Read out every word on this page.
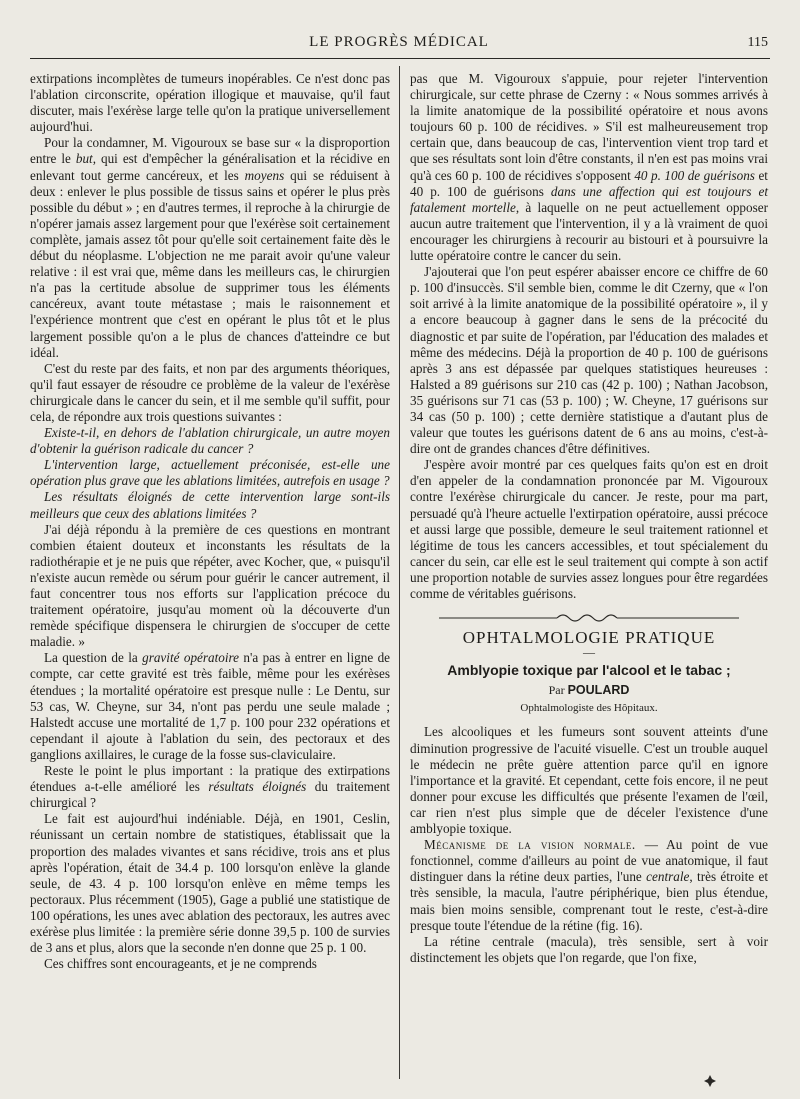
LE PROGRÈS MÉDICAL	115

extirpations incomplètes de tumeurs inopérables. Ce n'est donc pas l'ablation circonscrite, opération illogique et mauvaise, qu'il faut discuter, mais l'exérèse large telle qu'on la pratique universellement aujourd'hui.

Pour la condamner, M. Vigouroux se base sur « la disproportion entre le but, qui est d'empêcher la généralisation et la récidive en enlevant tout germe cancéreux, et les moyens qui se réduisent à deux : enlever le plus possible de tissus sains et opérer le plus près possible du début » ; en d'autres termes, il reproche à la chirurgie de n'opérer jamais assez largement pour que l'exérèse soit certainement complète, jamais assez tôt pour qu'elle soit certainement faite dès le début du néoplasme. L'objection ne me parait avoir qu'une valeur relative : il est vrai que, même dans les meilleurs cas, le chirurgien n'a pas la certitude absolue de supprimer tous les éléments cancéreux, avant toute métastase ; mais le raisonnement et l'expérience montrent que c'est en opérant le plus tôt et le plus largement possible qu'on a le plus de chances d'atteindre ce but idéal.

C'est du reste par des faits, et non par des arguments théoriques, qu'il faut essayer de résoudre ce problème de la valeur de l'exérèse chirurgicale dans le cancer du sein, et il me semble qu'il suffit, pour cela, de répondre aux trois questions suivantes :

Existe-t-il, en dehors de l'ablation chirurgicale, un autre moyen d'obtenir la guérison radicale du cancer ?

L'intervention large, actuellement préconisée, est-elle une opération plus grave que les ablations limitées, autrefois en usage ?

Les résultats éloignés de cette intervention large sont-ils meilleurs que ceux des ablations limitées ?

J'ai déjà répondu à la première de ces questions en montrant combien étaient douteux et inconstants les résultats de la radiothérapie et je ne puis que répéter, avec Kocher, que, « puisqu'il n'existe aucun remède ou sérum pour guérir le cancer autrement, il faut concentrer tous nos efforts sur l'application précoce du traitement opératoire, jusqu'au moment où la découverte d'un remède spécifique dispensera le chirurgien de s'occuper de cette maladie. »

La question de la gravité opératoire n'a pas à entrer en ligne de compte, car cette gravité est très faible, même pour les exérèses étendues ; la mortalité opératoire est presque nulle : Le Dentu, sur 53 cas, W. Cheyne, sur 34, n'ont pas perdu une seule malade ; Halstedt accuse une mortalité de 1,7 p. 100 pour 232 opérations et cependant il ajoute à l'ablation du sein, des pectoraux et des ganglions axillaires, le curage de la fosse sus-claviculaire.

Reste le point le plus important : la pratique des extirpations étendues a-t-elle amélioré les résultats éloignés du traitement chirurgical ?

Le fait est aujourd'hui indéniable. Déjà, en 1901, Ceslin, réunissant un certain nombre de statistiques, établissait que la proportion des malades vivantes et sans récidive, trois ans et plus après l'opération, était de 34.4 p. 100 lorsqu'on enlève la glande seule, de 43. 4 p. 100 lorsqu'on enlève en même temps les pectoraux. Plus récemment (1905), Gage a publié une statistique de 100 opérations, les unes avec ablation des pectoraux, les autres avec exérèse plus limitée : la première série donne 39,5 p. 100 de survies de 3 ans et plus, alors que la seconde n'en donne que 25 p. 1 00.

Ces chiffres sont encourageants, et je ne comprends

pas que M. Vigouroux s'appuie, pour rejeter l'intervention chirurgicale, sur cette phrase de Czerny : « Nous sommes arrivés à la limite anatomique de la possibilité opératoire et nous avons toujours 60 p. 100 de récidives. » S'il est malheureusement trop certain que, dans beaucoup de cas, l'intervention vient trop tard et que ses résultats sont loin d'être constants, il n'en est pas moins vrai qu'à ces 60 p. 100 de récidives s'opposent 40 p. 100 de guérisons et 40 p. 100 de guérisons dans une affection qui est toujours et fatalement mortelle, à laquelle on ne peut actuellement opposer aucun autre traitement que l'intervention, il y a là vraiment de quoi encourager les chirurgiens à recourir au bistouri et à poursuivre la lutte opératoire contre le cancer du sein.

J'ajouterai que l'on peut espérer abaisser encore ce chiffre de 60 p. 100 d'insuccès. S'il semble bien, comme le dit Czerny, que « l'on soit arrivé à la limite anatomique de la possibilité opératoire », il y a encore beaucoup à gagner dans le sens de la précocité du diagnostic et par suite de l'opération, par l'éducation des malades et même des médecins. Déjà la proportion de 40 p. 100 de guérisons après 3 ans est dépassée par quelques statistiques heureuses : Halsted a 89 guérisons sur 210 cas (42 p. 100) ; Nathan Jacobson, 35 guérisons sur 71 cas (53 p. 100) ; W. Cheyne, 17 guérisons sur 34 cas (50 p. 100) ; cette dernière statistique a d'autant plus de valeur que toutes les guérisons datent de 6 ans au moins, c'est-à-dire ont de grandes chances d'être définitives.

J'espère avoir montré par ces quelques faits qu'on est en droit d'en appeler de la condamnation prononcée par M. Vigouroux contre l'exérèse chirurgicale du cancer. Je reste, pour ma part, persuadé qu'à l'heure actuelle l'extirpation opératoire, aussi précoce et aussi large que possible, demeure le seul traitement rationnel et légitime de tous les cancers accessibles, et tout spécialement du cancer du sein, car elle est le seul traitement qui compte à son actif une proportion notable de survies assez longues pour être regardées comme de véritables guérisons.

OPHTALMOLOGIE PRATIQUE
—
Amblyopie toxique par l'alcool et le tabac ;
Par POULARD
Ophtalmologiste des Hôpitaux.

Les alcooliques et les fumeurs sont souvent atteints d'une diminution progressive de l'acuité visuelle. C'est un trouble auquel le médecin ne prête guère attention parce qu'il en ignore l'importance et la gravité. Et cependant, cette fois encore, il ne peut donner pour excuse les difficultés que présente l'examen de l'œil, car rien n'est plus simple que de déceler l'existence d'une amblyopie toxique.

Mécanisme de la vision normale. — Au point de vue fonctionnel, comme d'ailleurs au point de vue anatomique, il faut distinguer dans la rétine deux parties, l'une centrale, très étroite et très sensible, la macula, l'autre périphérique, bien plus étendue, mais bien moins sensible, comprenant tout le reste, c'est-à-dire presque toute l'étendue de la rétine (fig. 16).

La rétine centrale (macula), très sensible, sert à voir distinctement les objets que l'on regarde, que l'on fixe,
